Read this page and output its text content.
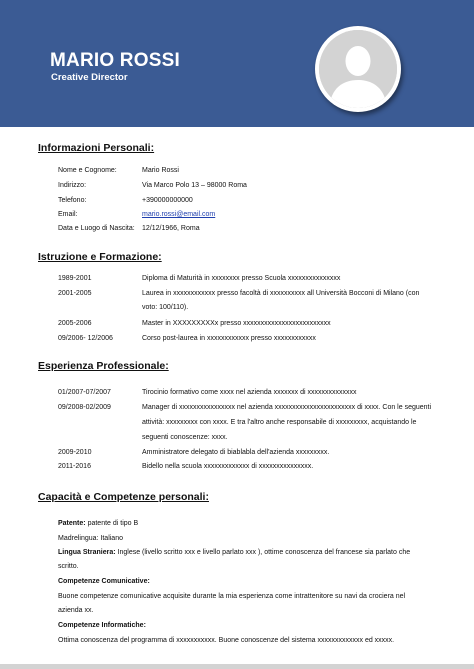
MARIO ROSSI
Creative Director
Informazioni Personali:
Nome e Cognome:	Mario Rossi
Indirizzo:	Via Marco Polo 13 – 98000 Roma
Telefono:	+390000000000
Email:	mario.rossi@email.com
Data e Luogo di Nascita: 12/12/1966, Roma
Istruzione e Formazione:
1989-2001	Diploma di Maturità in xxxxxxxx presso Scuola xxxxxxxxxxxxxxx
2001-2005	Laurea in xxxxxxxxxxxx presso facoltà di xxxxxxxxxx all Università Bocconi di Milano (con
voto: 100/110).
2005-2006	Master in XXXXXXXXXx presso xxxxxxxxxxxxxxxxxxxxxxxxx
09/2006- 12/2006	Corso post-laurea in xxxxxxxxxxxx presso xxxxxxxxxxxx
Esperienza Professionale:
01/2007-07/2007	Tirocinio formativo come xxxx nel azienda xxxxxxx di xxxxxxxxxxxxxx
09/2008-02/2009	Manager di xxxxxxxxxxxxxxxx nel azienda xxxxxxxxxxxxxxxxxxxxxxx di xxxx. Con le seguenti
attività: xxxxxxxxx con xxxx. E tra l'altro anche responsabile di xxxxxxxxx, acquistando le
seguenti conoscenze: xxxx.
2009-2010	Amministratore delegato di biablabla dell'azienda xxxxxxxxx.
2011-2016	Bidello nella scuola xxxxxxxxxxxxx di xxxxxxxxxxxxxxx.
Capacità e Competenze personali:
Patente: patente di tipo B
Madrelingua: Italiano
Lingua Straniera: Inglese (livello scritto xxx e livello parlato xxx ), ottime conoscenza del francese sia parlato che
scritto.
Competenze Comunicative:
Buone competenze comunicative acquisite durante la mia esperienza come intrattenitore su navi da crociera nel
azienda xx.
Competenze Informatiche:
Ottima conoscenza del programma di xxxxxxxxxxx. Buone conoscenze del sistema xxxxxxxxxxxxx ed xxxxx.
